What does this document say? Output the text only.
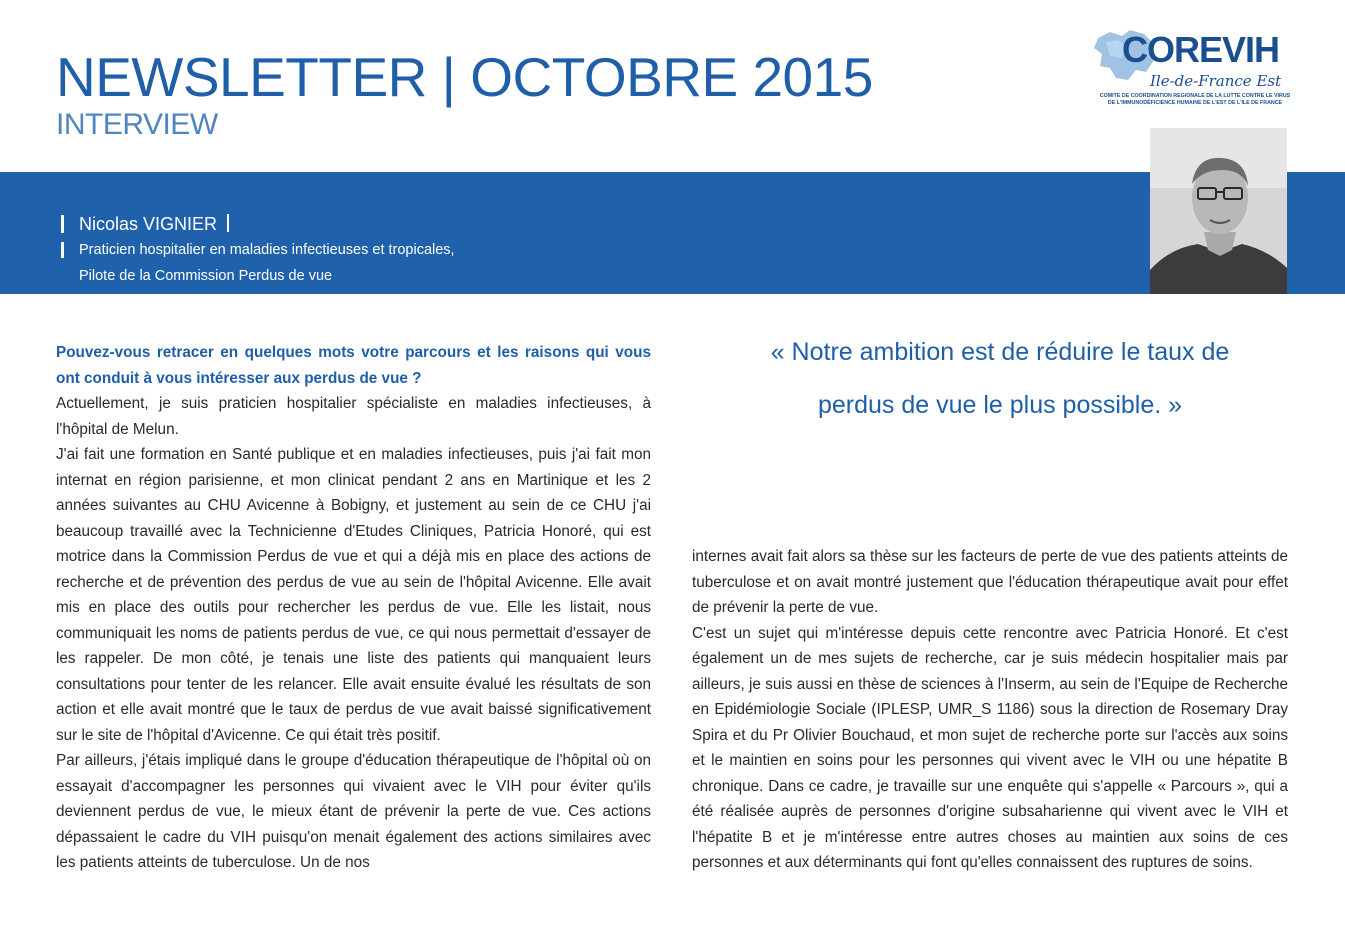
NEWSLETTER | OCTOBRE 2015
INTERVIEW
COREVIH
Ile-de-France Est
COMITÉ DE COORDINATION RÉGIONALE DE LA LUTTE CONTRE LE VIRUS
DE L'IMMUNODÉFICIENCE HUMAINE DE L'EST DE L'ILE DE FRANCE
Nicolas VIGNIER
Praticien hospitalier en maladies infectieuses et tropicales,
Pilote de la Commission Perdus de vue

Pouvez-vous retracer en quelques mots votre parcours et les raisons qui vous ont conduit à vous intéresser aux perdus de vue ?

Actuellement, je suis praticien hospitalier spécialiste en maladies infectieuses, à l'hôpital de Melun.

J'ai fait une formation en Santé publique et en maladies infectieuses, puis j'ai fait mon internat en région parisienne, et mon clinicat pendant 2 ans en Martinique et les 2 années suivantes au CHU Avicenne à Bobigny, et justement au sein de ce CHU j'ai beaucoup travaillé avec la Technicienne d'Etudes Cliniques, Patricia Honoré, qui est motrice dans la Commission Perdus de vue et qui a déjà mis en place des actions de recherche et de prévention des perdus de vue au sein de l'hôpital Avicenne. Elle avait mis en place des outils pour rechercher les perdus de vue. Elle les listait, nous communiquait les noms de patients perdus de vue, ce qui nous permettait d'essayer de les rappeler. De mon côté, je tenais une liste des patients qui manquaient leurs consultations pour tenter de les relancer. Elle avait ensuite évalué les résultats de son action et elle avait montré que le taux de perdus de vue avait baissé significativement sur le site de l'hôpital d'Avicenne. Ce qui était très positif.

Par ailleurs, j'étais impliqué dans le groupe d'éducation thérapeutique de l'hôpital où on essayait d'accompagner les personnes qui vivaient avec le VIH pour éviter qu'ils deviennent perdus de vue, le mieux étant de prévenir la perte de vue. Ces actions dépassaient le cadre du VIH puisqu'on menait également des actions similaires avec les patients atteints de tuberculose. Un de nos

« Notre ambition est de réduire le taux de
perdus de vue le plus possible. »

internes avait fait alors sa thèse sur les facteurs de perte de vue des patients atteints de tuberculose et on avait montré justement que l'éducation thérapeutique avait pour effet de prévenir la perte de vue.

C'est un sujet qui m'intéresse depuis cette rencontre avec Patricia Honoré. Et c'est également un de mes sujets de recherche, car je suis médecin hospitalier mais par ailleurs, je suis aussi en thèse de sciences à l'Inserm, au sein de l'Equipe de Recherche en Epidémiologie Sociale (IPLESP, UMR_S 1186) sous la direction de Rosemary Dray Spira et du Pr Olivier Bouchaud, et mon sujet de recherche porte sur l'accès aux soins et le maintien en soins pour les personnes qui vivent avec le VIH ou une hépatite B chronique. Dans ce cadre, je travaille sur une enquête qui s'appelle « Parcours », qui a été réalisée auprès de personnes d'origine subsaharienne qui vivent avec le VIH et l'hépatite B et je m'intéresse entre autres choses au maintien aux soins de ces personnes et aux déterminants qui font qu'elles connaissent des ruptures de soins.
